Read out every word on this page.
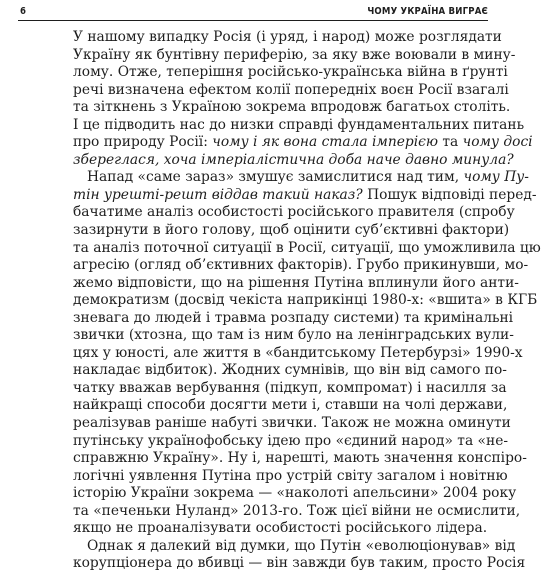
6	ЧОМУ УКРАЇНА ВИГРАЄ
У нашому випадку Росія (і уряд, і народ) може розглядати
Україну як бунтівну периферію, за яку вже воювали в мину-
лому. Отже, теперішня російсько-українська війна в ґрунті
речі визначена ефектом колії попередніх воєн Росії взагалі
та зіткнень з Україною зокрема впродовж багатьох століть.
І це підводить нас до низки справді фундаментальних питань
про природу Росії: чому і як вона стала імперією та чому досі
збереглася, хоча імперіалістична доба наче давно минула?
Напад «саме зараз» змушує замислитися над тим, чому Пу-
тін урешті-решт віддав такий наказ? Пошук відповіді перед-
бачатиме аналіз особистості російського правителя (спробу
зазирнути в його голову, щоб оцінити суб’єктивні фактори)
та аналіз поточної ситуації в Росії, ситуації, що уможливила цю
агресію (огляд об’єктивних факторів). Грубо прикинувши, мо-
жемо відповісти, що на рішення Путіна вплинули його анти-
демократизм (досвід чекіста наприкінці 1980-х: «вшита» в КГБ
зневага до людей і травма розпаду системи) та кримінальні
звички (хтозна, що там із ним було на ленінградських вули-
цях у юності, але життя в «бандитському Петербурзі» 1990-х
накладає відбиток). Жодних сумнівів, що він від самого по-
чатку вважав вербування (підкуп, компромат) і насилля за
найкращі способи досягти мети і, ставши на чолі держави,
реалізував раніше набуті звички. Також не можна оминути
путінську українофобську ідею про «єдиний народ» та «не-
справжню Україну». Ну і, нарешті, мають значення конспіро-
логічні уявлення Путіна про устрій світу загалом і новітню
історію України зокрема — «наколоті апельсини» 2004 року
та «печеньки Нуланд» 2013-го. Тож цієї війни не осмислити,
якщо не проаналізувати особистості російського лідера.
Однак я далекий від думки, що Путін «еволюціонував» від
корупціонера до вбивці — він завжди був таким, просто Росія
